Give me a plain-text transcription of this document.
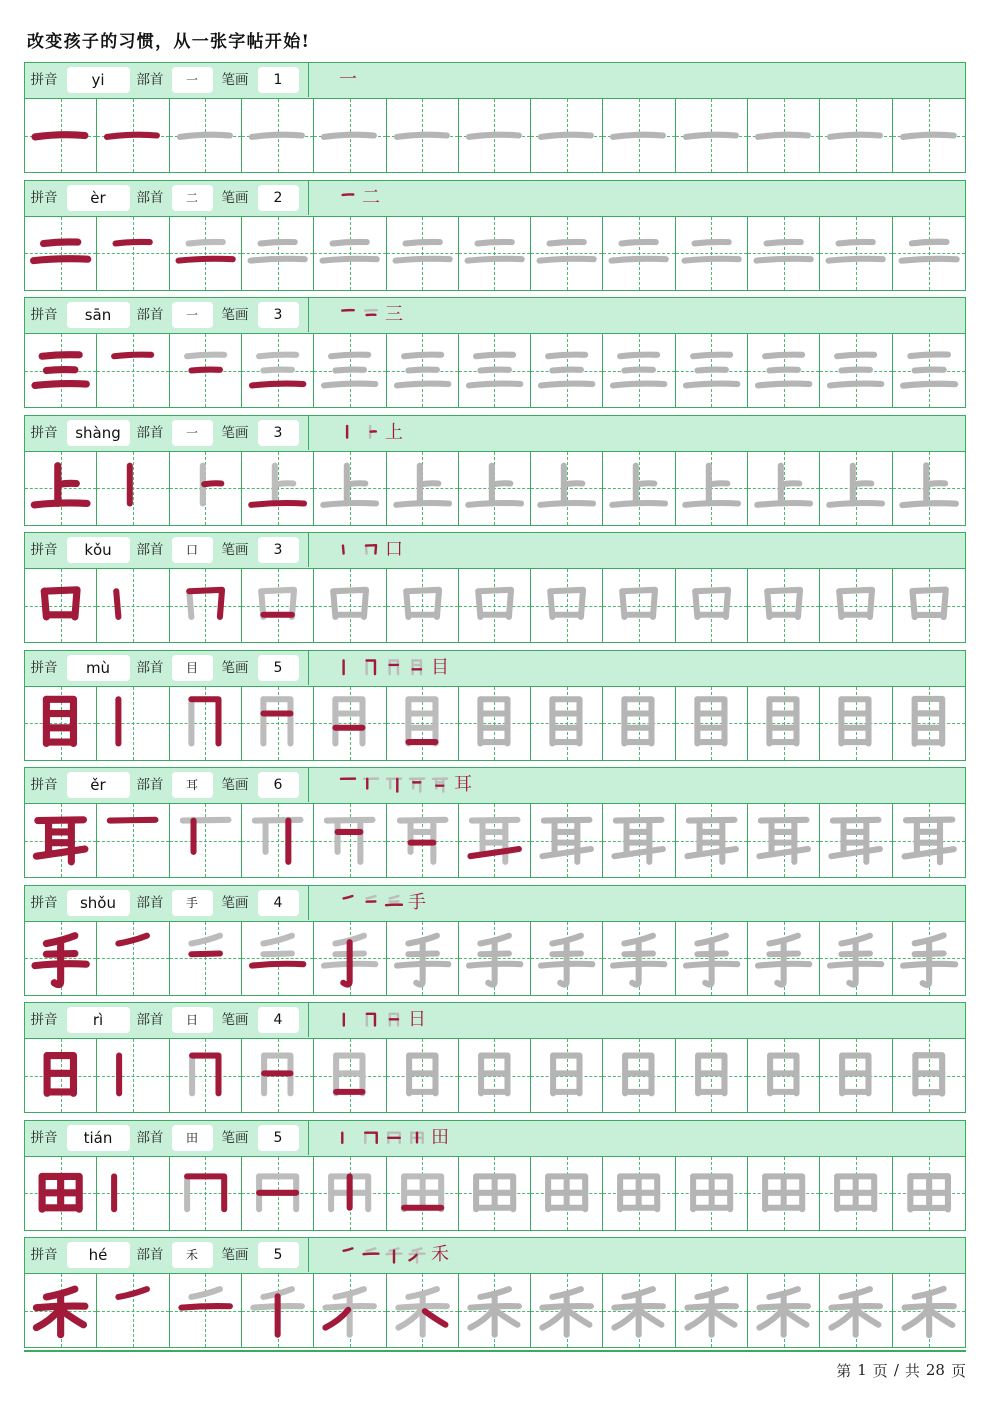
改变孩子的习惯，从一张字帖开始!
拼音	yi	部首	一	笔画	1	一
拼音	èr	部首	二	笔画	2	二
拼音	sān	部首	一	笔画	3	三
拼音	shàng	部首	一	笔画	3	上
拼音	kǒu	部首	口	笔画	3	口
拼音	mù	部首	目	笔画	5	目
拼音	ěr	部首	耳	笔画	6	耳
拼音	shǒu	部首	手	笔画	4	手
拼音	rì	部首	日	笔画	4	日
拼音	tián	部首	田	笔画	5	田
拼音	hé	部首	禾	笔画	5	禾
第 1 页 / 共 28 页
